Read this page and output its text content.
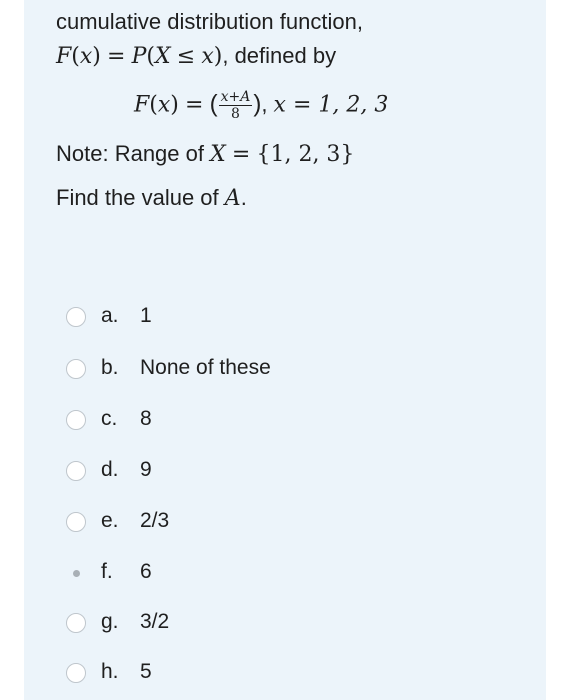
cumulative distribution function,
F(x) = P(X ≤ x), defined by
F(x) = ( $\frac{x+A}{8}$ ), x = 1, 2, 3
Note: Range of X = {1, 2, 3}
Find the value of A.
a. 1
b. None of these
c. 8
d. 9
e. 2/3
f. 6
g. 3/2
h. 5
